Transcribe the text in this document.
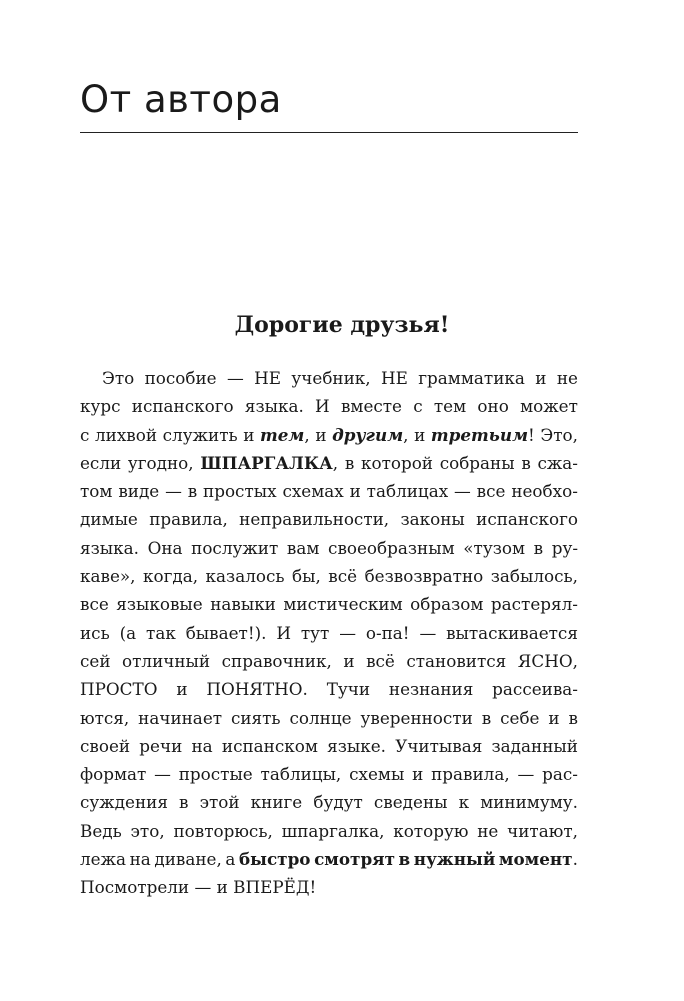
От автора
Дорогие друзья!
Это пособие — НЕ учебник, НЕ грамматика и не
курс испанского языка. И вместе с тем оно может
с лихвой служить и тем, и другим, и третьим! Это,
если угодно, ШПАРГАЛКА, в которой собраны в сжа-
том виде — в простых схемах и таблицах — все необхо-
димые правила, неправильности, законы испанского
языка. Она послужит вам своеобразным «тузом в ру-
каве», когда, казалось бы, всё безвозвратно забылось,
все языковые навыки мистическим образом растерял-
ись (а так бывает!). И тут — о-па! — вытаскивается
сей отличный справочник, и всё становится ЯСНО,
ПРОСТО и ПОНЯТНО. Тучи незнания рассеива-
ются, начинает сиять солнце уверенности в себе и в
своей речи на испанском языке. Учитывая заданный
формат — простые таблицы, схемы и правила, — рас-
суждения в этой книге будут сведены к минимуму.
Ведь это, повторюсь, шпаргалка, которую не читают,
лежа на диване, а быстро смотрят в нужный момент.
Посмотрели
—
и
ВПЕРЁД!
